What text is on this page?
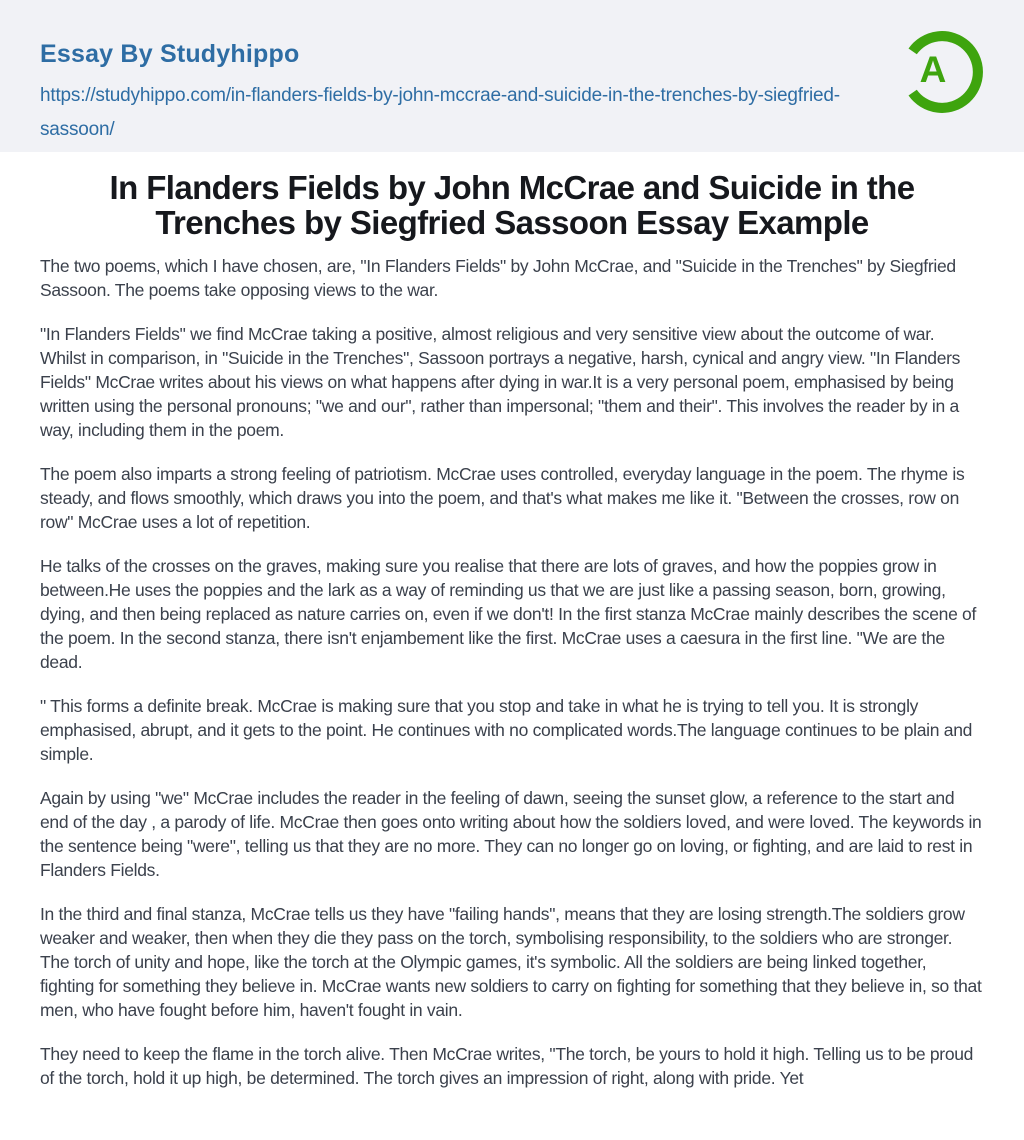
Essay By Studyhippo
https://studyhippo.com/in-flanders-fields-by-john-mccrae-and-suicide-in-the-trenches-by-siegfried-sassoon/
A
In Flanders Fields by John McCrae and Suicide in the Trenches by Siegfried Sassoon Essay Example

The two poems, which I have chosen, are, "In Flanders Fields" by John McCrae, and "Suicide in the Trenches" by Siegfried Sassoon. The poems take opposing views to the war.

"In Flanders Fields" we find McCrae taking a positive, almost religious and very sensitive view about the outcome of war. Whilst in comparison, in "Suicide in the Trenches", Sassoon portrays a negative, harsh, cynical and angry view. "In Flanders Fields" McCrae writes about his views on what happens after dying in war.It is a very personal poem, emphasised by being written using the personal pronouns; "we and our", rather than impersonal; "them and their". This involves the reader by in a way, including them in the poem.

The poem also imparts a strong feeling of patriotism. McCrae uses controlled, everyday language in the poem. The rhyme is steady, and flows smoothly, which draws you into the poem, and that's what makes me like it. "Between the crosses, row on row" McCrae uses a lot of repetition.

He talks of the crosses on the graves, making sure you realise that there are lots of graves, and how the poppies grow in between.He uses the poppies and the lark as a way of reminding us that we are just like a passing season, born, growing, dying, and then being replaced as nature carries on, even if we don't! In the first stanza McCrae mainly describes the scene of the poem. In the second stanza, there isn't enjambement like the first. McCrae uses a caesura in the first line. "We are the dead.

" This forms a definite break. McCrae is making sure that you stop and take in what he is trying to tell you. It is strongly emphasised, abrupt, and it gets to the point. He continues with no complicated words.The language continues to be plain and simple.

Again by using "we" McCrae includes the reader in the feeling of dawn, seeing the sunset glow, a reference to the start and end of the day , a parody of life. McCrae then goes onto writing about how the soldiers loved, and were loved. The keywords in the sentence being "were", telling us that they are no more. They can no longer go on loving, or fighting, and are laid to rest in Flanders Fields.

In the third and final stanza, McCrae tells us they have "failing hands", means that they are losing strength.The soldiers grow weaker and weaker, then when they die they pass on the torch, symbolising responsibility, to the soldiers who are stronger. The torch of unity and hope, like the torch at the Olympic games, it's symbolic. All the soldiers are being linked together, fighting for something they believe in. McCrae wants new soldiers to carry on fighting for something that they believe in, so that men, who have fought before him, haven't fought in vain.

They need to keep the flame in the torch alive. Then McCrae writes, "The torch, be yours to hold it high. Telling us to be proud of the torch, hold it up high, be determined. The torch gives an impression of right, along with pride. Yet
